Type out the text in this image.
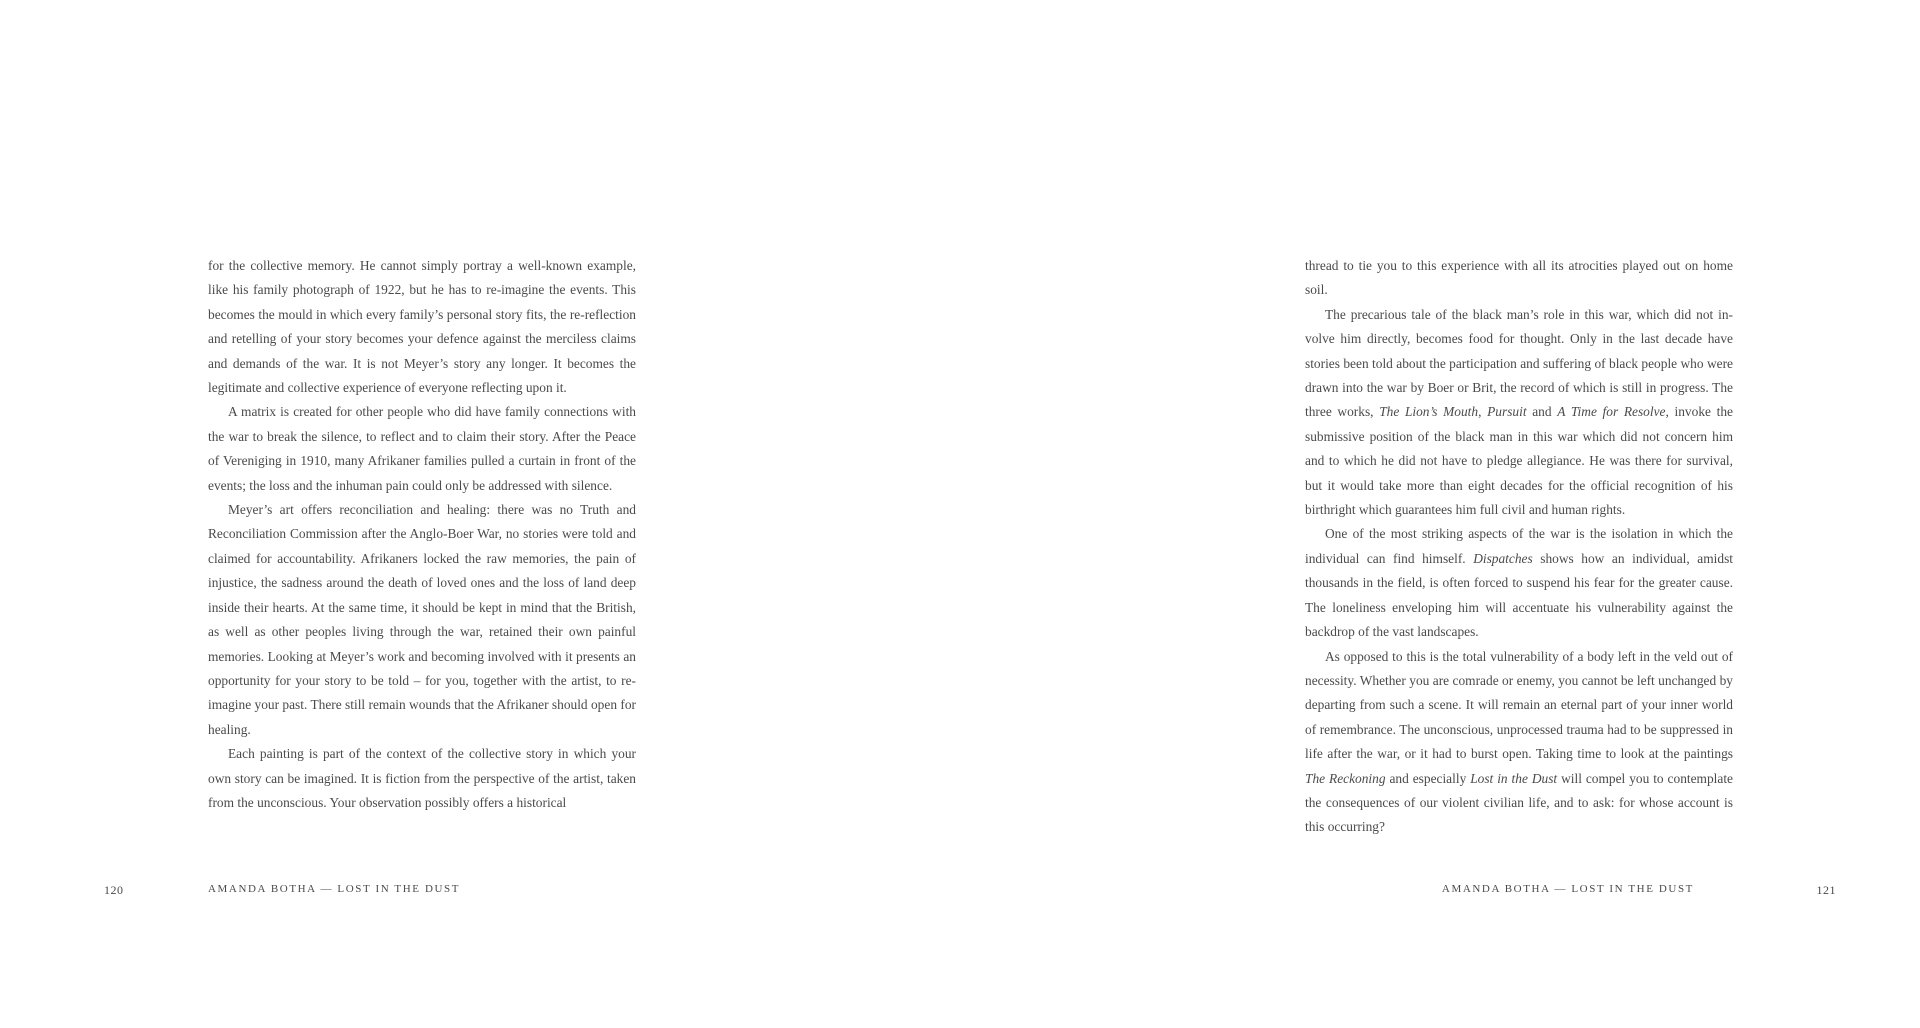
for the collective memory. He cannot simply portray a well-known example, like his family photograph of 1922, but he has to re-imagine the events. This becomes the mould in which every family’s personal story fits, the re-reflection and retelling of your story becomes your defence against the merciless claims and demands of the war. It is not Meyer’s story any longer. It becomes the legitimate and collective experience of everyone reflecting upon it.

A matrix is created for other people who did have family connections with the war to break the silence, to reflect and to claim their story. After the Peace of Vereniging in 1910, many Afrikaner families pulled a curtain in front of the events; the loss and the inhuman pain could only be addressed with silence.

Meyer’s art offers reconciliation and healing: there was no Truth and Reconciliation Commission after the Anglo-Boer War, no stories were told and claimed for accountability. Afrikaners locked the raw memories, the pain of injustice, the sadness around the death of loved ones and the loss of land deep inside their hearts. At the same time, it should be kept in mind that the British, as well as other peoples living through the war, retained their own painful memories. Looking at Meyer’s work and becoming involved with it presents an opportunity for your story to be told – for you, together with the artist, to re-imagine your past. There still remain wounds that the Afrikaner should open for healing.

Each painting is part of the context of the collective story in which your own story can be imagined. It is fiction from the perspective of the artist, taken from the unconscious. Your observation possibly offers a historical

120	AMANDA BOTHA — LOST IN THE DUST

thread to tie you to this experience with all its atrocities played out on home soil.

The precarious tale of the black man’s role in this war, which did not involve him directly, becomes food for thought. Only in the last decade have stories been told about the participation and suffering of black people who were drawn into the war by Boer or Brit, the record of which is still in progress. The three works, The Lion’s Mouth, Pursuit and A Time for Resolve, invoke the submissive position of the black man in this war which did not concern him and to which he did not have to pledge allegiance. He was there for survival, but it would take more than eight decades for the official recognition of his birthright which guarantees him full civil and human rights.

One of the most striking aspects of the war is the isolation in which the individual can find himself. Dispatches shows how an individual, amidst thousands in the field, is often forced to suspend his fear for the greater cause. The loneliness enveloping him will accentuate his vulnerability against the backdrop of the vast landscapes.

As opposed to this is the total vulnerability of a body left in the veld out of necessity. Whether you are comrade or enemy, you cannot be left unchanged by departing from such a scene. It will remain an eternal part of your inner world of remembrance. The unconscious, unprocessed trauma had to be suppressed in life after the war, or it had to burst open. Taking time to look at the paintings The Reckoning and especially Lost in the Dust will compel you to contemplate the consequences of our violent civilian life, and to ask: for whose account is this occurring?

AMANDA BOTHA — LOST IN THE DUST	121
